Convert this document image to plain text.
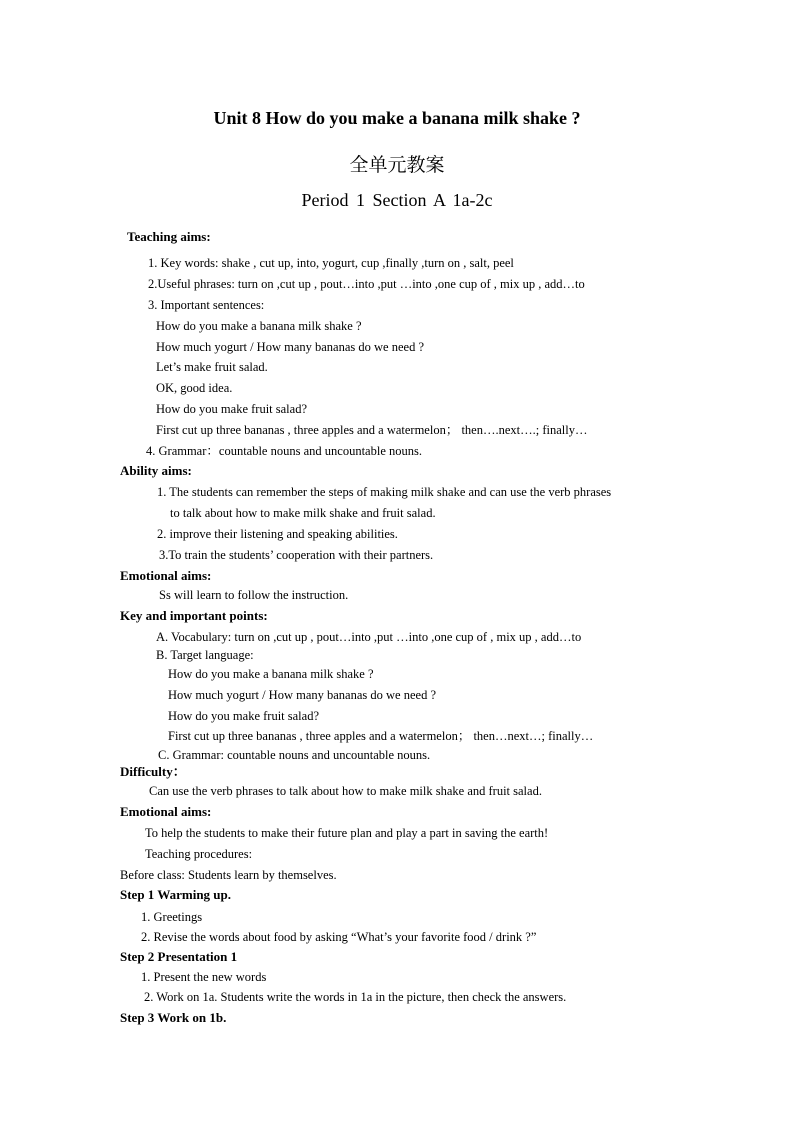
Unit 8 How do you make a banana milk shake ?
全单元教案
Period 1 Section A 1a-2c
Teaching aims:
1. Key words: shake , cut up, into, yogurt, cup ,finally ,turn on , salt, peel
2.Useful phrases: turn on ,cut up , pout…into ,put …into ,one cup of , mix up , add…to
3. Important sentences:
How do you make a banana milk shake ?
How much yogurt / How many bananas do we need ?
Let’s make fruit salad.
OK, good idea.
How do you make fruit salad?
First cut up three bananas , three apples and a watermelon； then….next….; finally…
4. Grammar：countable nouns and uncountable nouns.
Ability aims:
1. The students can remember the steps of making milk shake and can use the verb phrases
to talk about how to make milk shake and fruit salad.
2. improve their listening and speaking abilities.
3.To train the students’ cooperation with their partners.
Emotional aims:
Ss will learn to follow the instruction.
Key and important points:
A. Vocabulary: turn on ,cut up , pout…into ,put …into ,one cup of , mix up , add…to
B. Target language:
How do you make a banana milk shake ?
How much yogurt / How many bananas do we need ?
How do you make fruit salad?
First cut up three bananas , three apples and a watermelon； then…next…; finally…
C. Grammar: countable nouns and uncountable nouns.
Difficulty：
Can use the verb phrases to talk about how to make milk shake and fruit salad.
Emotional aims:
To help the students to make their future plan and play a part in saving the earth!
Teaching procedures:
Before class: Students learn by themselves.
Step 1 Warming up.
1. Greetings
2. Revise the words about food by asking “What’s your favorite food / drink ?”
Step 2 Presentation 1
1. Present the new words
2. Work on 1a. Students write the words in 1a in the picture, then check the answers.
Step 3 Work on 1b.
